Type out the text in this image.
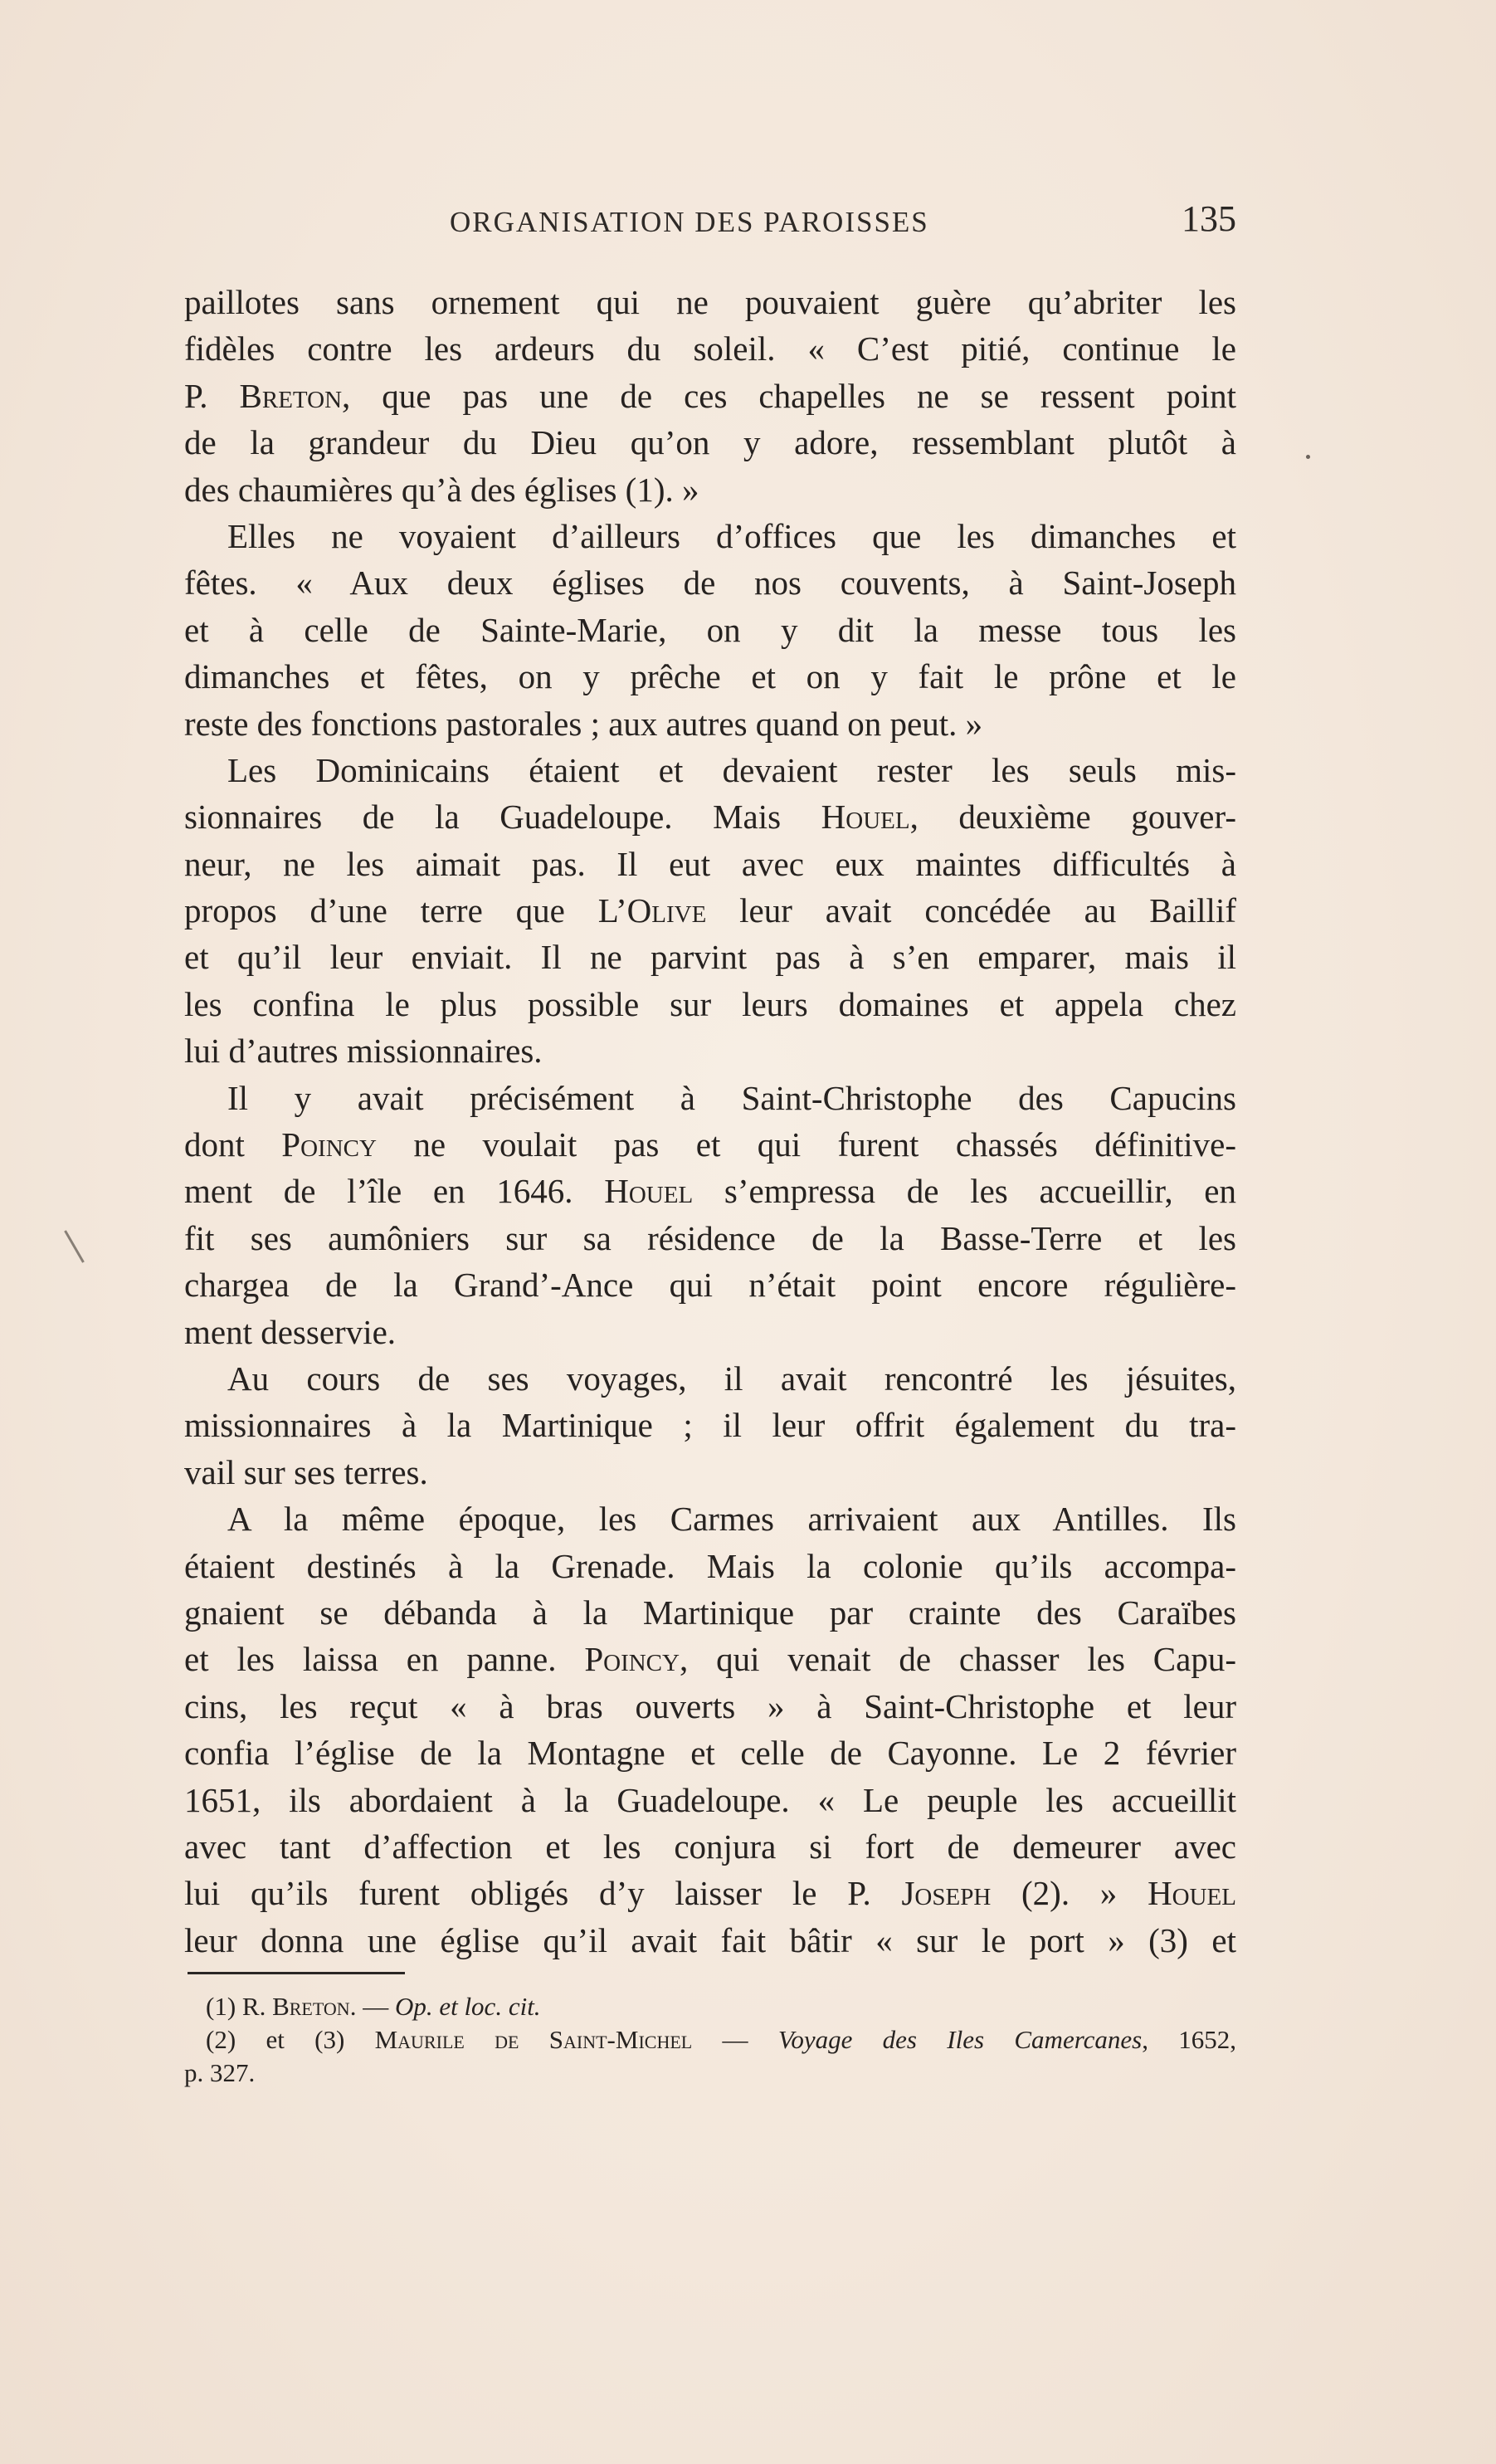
ORGANISATION DES PAROISSES	135
paillotes sans ornement qui ne pouvaient guère qu’abriter les
fidèles contre les ardeurs du soleil. « C’est pitié, continue le
P. Breton, que pas une de ces chapelles ne se ressent point
de la grandeur du Dieu qu’on y adore, ressemblant plutôt à
des chaumières qu’à des églises (1). »
Elles ne voyaient d’ailleurs d’offices que les dimanches et
fêtes. « Aux deux églises de nos couvents, à Saint-Joseph
et à celle de Sainte-Marie, on y dit la messe tous les
dimanches et fêtes, on y prêche et on y fait le prône et le
reste des fonctions pastorales ; aux autres quand on peut. »
Les Dominicains étaient et devaient rester les seuls mis-
sionnaires de la Guadeloupe. Mais Houel, deuxième gouver-
neur, ne les aimait pas. Il eut avec eux maintes difficultés à
propos d’une terre que L’Olive leur avait concédée au Baillif
et qu’il leur enviait. Il ne parvint pas à s’en emparer, mais il
les confina le plus possible sur leurs domaines et appela chez
lui d’autres missionnaires.
Il y avait précisément à Saint-Christophe des Capucins
dont Poincy ne voulait pas et qui furent chassés définitive-
ment de l’île en 1646. Houel s’empressa de les accueillir, en
fit ses aumôniers sur sa résidence de la Basse-Terre et les
chargea de la Grand’-Ance qui n’était point encore régulière-
ment desservie.
Au cours de ses voyages, il avait rencontré les jésuites,
missionnaires à la Martinique ; il leur offrit également du tra-
vail sur ses terres.
A la même époque, les Carmes arrivaient aux Antilles. Ils
étaient destinés à la Grenade. Mais la colonie qu’ils accompa-
gnaient se débanda à la Martinique par crainte des Caraïbes
et les laissa en panne. Poincy, qui venait de chasser les Capu-
cins, les reçut « à bras ouverts » à Saint-Christophe et leur
confia l’église de la Montagne et celle de Cayonne. Le 2 février
1651, ils abordaient à la Guadeloupe. « Le peuple les accueillit
avec tant d’affection et les conjura si fort de demeurer avec
lui qu’ils furent obligés d’y laisser le P. Joseph (2). » Houel
leur donna une église qu’il avait fait bâtir « sur le port » (3) et
(1) R. Breton. — Op. et loc. cit.
(2) et (3) Maurile de Saint-Michel — Voyage des Iles Camercanes, 1652,
p. 327.
